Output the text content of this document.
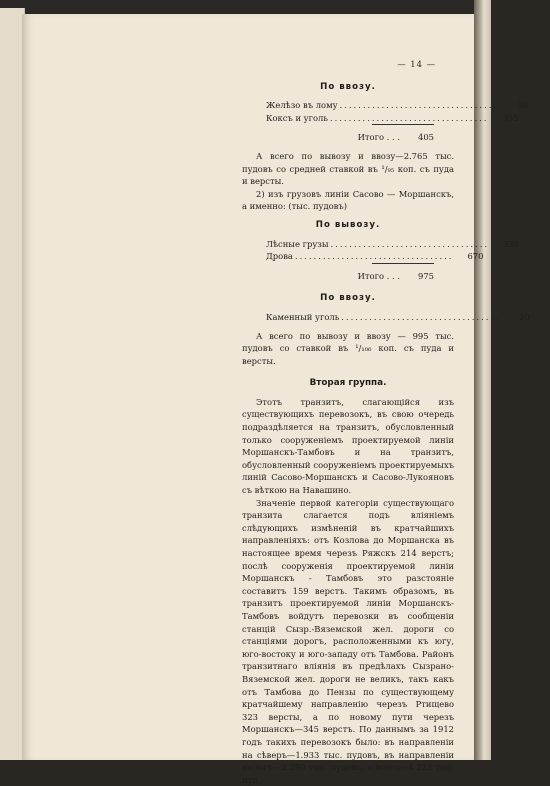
— 14 —

По ввозу.

Желѣзо въ лому ..................................	50
Коксъ и уголь ..................................	355
Итого . . .	405

А всего по вывозу и ввозу—2.765 тыс. пудовъ со средней ставкой въ ¹/₉₅ коп. съ пуда и версты.

2) изъ грузовъ линіи Сасово — Моршанскъ, а именно: (тыс. пудовъ)

По вывозу.

Лѣсные грузы ..................................	335
Дрова ..................................	670
Итого . . .	975

По ввозу.

Каменный уголь ..................................	20

А всего по вывозу и ввозу — 995 тыс. пудовъ со ставкой въ ¹/₁₀₆ коп. съ пуда и версты.

Вторая группа.

Этотъ транзитъ, слагающійся изъ существующихъ перевозокъ, въ свою очередь подраздѣляется на транзитъ, обусловленный только сооруженіемъ проектируемой линіи Моршанскъ-Тамбовъ и на транзитъ, обусловленный сооруженіемъ проектируемыхъ линій Сасово-Моршанскъ и Сасово-Лукояновъ съ вѣткою на Навашино.

Значеніе первой категоріи существующаго транзита слагается подъ вліяніемъ слѣдующихъ измѣненій въ кратчайшихъ направленіяхъ: отъ Козлова до Моршанска въ настоящее время черезъ Ряжскъ 214 верстъ; послѣ сооруженія проектируемой линіи Моршанскъ - Тамбовъ это разстояніе составитъ 159 верстъ. Такимъ образомъ, въ транзитъ проектируемой линіи Моршанскъ-Тамбовъ войдутъ перевозки въ сообщеніи станцій Сызр.-Вяземской жел. дороги со станціями дорогъ, расположенными къ югу, юго-востоку и юго-западу отъ Тамбова. Районъ транзитнаго вліянія въ предѣлахъ Сызрано-Вяземской жел. дороги не великъ, такъ какъ отъ Тамбова до Пензы по существующему кратчайшему направленію черезъ Ртищево 323 версты, а по новому пути черезъ Моршанскъ—345 верстъ. По даннымъ за 1912 годъ такихъ перевозокъ было: въ направленіи на сѣверъ—1.933 тыс. пудовъ, въ направленіи на югъ—2.290 тыс. пудовъ, а всего—4.223 тыс. пуд.
